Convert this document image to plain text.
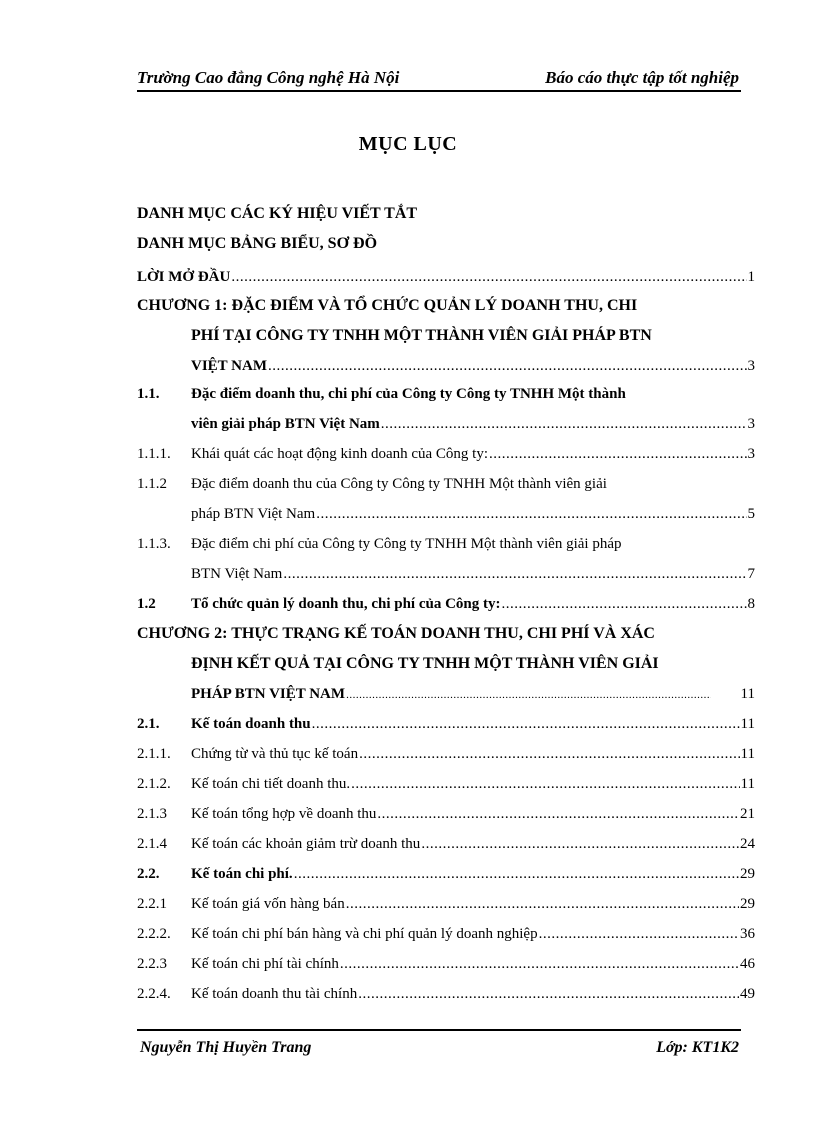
Trường Cao đẳng Công nghệ Hà Nội	Báo cáo thực tập tốt nghiệp
MỤC LỤC
DANH MỤC CÁC KÝ HIỆU VIẾT TẮT
DANH MỤC BẢNG BIỂU, SƠ ĐỒ
LỜI MỞ ĐẦU .....	1
CHƯƠNG 1: ĐẶC ĐIỂM VÀ TỔ CHỨC QUẢN LÝ DOANH THU, CHI
PHÍ TẠI CÔNG TY TNHH MỘT THÀNH VIÊN GIẢI PHÁP BTN
VIỆT NAM .....	3
1.1. Đặc điểm doanh thu, chi phí của Công ty Công ty TNHH Một thành
viên giải pháp BTN Việt Nam .....	3
1.1.1. Khái quát các hoạt động kinh doanh của Công ty: .....	3
1.1.2 Đặc điểm doanh thu của Công ty Công ty TNHH Một thành viên giải
pháp BTN Việt Nam .....	5
1.1.3. Đặc điểm chi phí của Công ty Công ty TNHH Một thành viên giải pháp
BTN Việt Nam .....	7
1.2 Tổ chức quản lý doanh thu, chi phí của Công ty: .....	8
CHƯƠNG 2: THỰC TRẠNG KẾ TOÁN DOANH THU, CHI PHÍ VÀ XÁC
ĐỊNH KẾT QUẢ TẠI CÔNG TY TNHH MỘT THÀNH VIÊN GIẢI
PHÁP BTN VIỆT NAM .....	11
2.1. Kế toán doanh thu .....	11
2.1.1. Chứng từ và thủ tục kế toán .....	11
2.1.2. Kế toán chi tiết doanh thu. .....	11
2.1.3 Kế toán tổng hợp về doanh thu .....	21
2.1.4 Kế toán các khoản giảm trừ doanh thu .....	24
2.2. Kế toán chi phí. .....	29
2.2.1 Kế toán giá vốn hàng bán .....	29
2.2.2. Kế toán chi phí bán hàng và chi phí quản lý doanh nghiệp .....	36
2.2.3 Kế toán chi phí tài chính .....	46
2.2.4. Kế toán doanh thu tài chính .....	49
Nguyễn Thị Huyền Trang	Lớp: KT1K2
